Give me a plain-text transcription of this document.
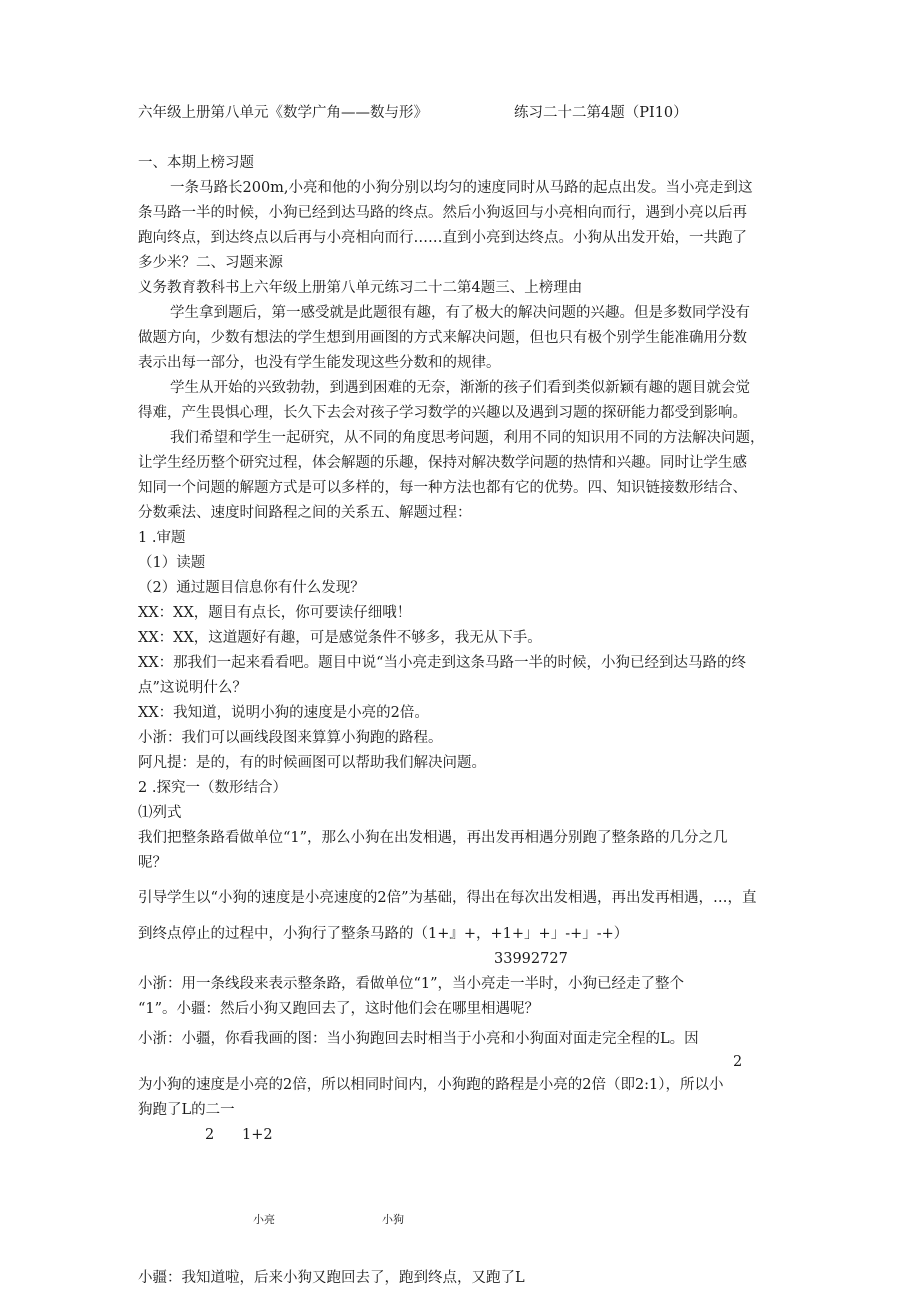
六年级上册第八单元《数学广角——数与形》	练习二十二第4题（PI10）
一、本期上榜习题
一条马路长200m,小亮和他的小狗分别以均匀的速度同时从马路的起点出发。当小亮走到这
条马路一半的时候，小狗已经到达马路的终点。然后小狗返回与小亮相向而行，遇到小亮以后再
跑向终点，到达终点以后再与小亮相向而行……直到小亮到达终点。小狗从出发开始，一共跑了
多少米？二、习题来源
义务教育教科书上六年级上册第八单元练习二十二第4题三、上榜理由
学生拿到题后，第一感受就是此题很有趣，有了极大的解决问题的兴趣。但是多数同学没有
做题方向，少数有想法的学生想到用画图的方式来解决问题，但也只有极个别学生能准确用分数
表示出每一部分，也没有学生能发现这些分数和的规律。
学生从开始的兴致勃勃，到遇到困难的无奈，渐渐的孩子们看到类似新颖有趣的题目就会觉
得难，产生畏惧心理，长久下去会对孩子学习数学的兴趣以及遇到习题的探研能力都受到影响。
我们希望和学生一起研究，从不同的角度思考问题，利用不同的知识用不同的方法解决问题，
让学生经历整个研究过程，体会解题的乐趣，保持对解决数学问题的热情和兴趣。同时让学生感
知同一个问题的解题方式是可以多样的，每一种方法也都有它的优势。四、知识链接数形结合、
分数乘法、速度时间路程之间的关系五、解题过程：
1 .审题
（1）读题
（2）通过题目信息你有什么发现？
XX：XX，题目有点长，你可要读仔细哦！
XX：XX，这道题好有趣，可是感觉条件不够多，我无从下手。
XX：那我们一起来看看吧。题目中说“当小亮走到这条马路一半的时候，小狗已经到达马路的终
点”这说明什么？
XX：我知道，说明小狗的速度是小亮的2倍。
小浙：我们可以画线段图来算算小狗跑的路程。
阿凡提：是的，有的时候画图可以帮助我们解决问题。
2 .探究一（数形结合）
⑴列式
我们把整条路看做单位“1”，那么小狗在出发相遇，再出发再相遇分别跑了整条路的几分之几
呢？
引导学生以“小狗的速度是小亮速度的2倍”为基础，得出在每次出发相遇，再出发再相遇，…，直
到终点停止的过程中，小狗行了整条马路的（1+』+，+1+」+」-+」-+）
33992727
小浙：用一条线段来表示整条路，看做单位“1”，当小亮走一半时，小狗已经走了整个
“1”。小疆：然后小狗又跑回去了，这时他们会在哪里相遇呢？
小浙：小疆，你看我画的图：当小狗跑回去时相当于小亮和小狗面对面走完全程的L。因
2
为小狗的速度是小亮的2倍，所以相同时间内，小狗跑的路程是小亮的2倍（即2:1），所以小
狗跑了L的二一
2 1+2
小亮	小狗
小疆：我知道啦，后来小狗又跑回去了，跑到终点，又跑了L
